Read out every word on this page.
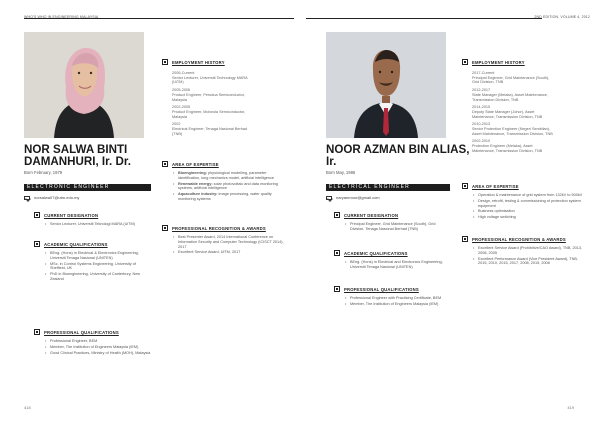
WHO'S WHO IN ENGINEERING MALAYSIA
NOR SALWA BINTI
DAMANHURI, Ir. Dr.
Born February, 1979
ELECTRONIC ENGINEER
norsalwa07@utm.edu.my
CURRENT DESIGNATION
• Senior Lecturer, Universiti Teknologi MARA (UiTM)
ACADEMIC QUALIFICATIONS
• BEng. (Hons) in Electrical & Electronics Engineering, Universiti Tenaga Nasional (UNITEN)
• MSc. in Control Systems Engineering, University of Sheffield, UK
• PhD in Bioengineering, University of Canterbury, New Zealand
PROFESSIONAL QUALIFICATIONS
• Professional Engineer, BEM
• Member, The Institution of Engineers Malaysia (IEM)
• Good Clinical Practices, Ministry of Health (MOH), Malaysia
EMPLOYMENT HISTORY
2006-Current
Senior Lecturer, Universiti Technology MARA
(UiTM)
2005-2006
Product Engineer, Perodua Semiconductor,
Malaysia
2002-2005
Product Engineer, Motorola Semiconductor,
Malaysia
2002
Electrical Engineer, Tenaga Nasional Berhad
(TNB)
AREA OF EXPERTISE
• Bioengineering: physiological modelling, parameter identification, lung mechanics model, artificial intelligence
• Renewable energy: solar photovoltaic and data monitoring systems, artificial intelligence
• Aquaculture industry: image processing, water quality monitoring systems
PROFESSIONAL RECOGNITION & AWARDS
• Best Presenter Award, 2014 International Conference on Information Security and Computer Technology (ICISCT 2014), 2017
• Excellent Service Award, UiTM, 2017
418
2ND EDITION, VOLUME 4, 2012
NOOR AZMAN BIN ALIAS,
Ir.
Born May, 1986
ELECTRICAL ENGINEER
naryanmoor@gmail.com
CURRENT DESIGNATION
• Principal Engineer, Grid Maintenance (South), Grid Division, Tenaga Nasional Berhad (TNB)
ACADEMIC QUALIFICATIONS
• BEng. (Hons) in Electrical and Electronics Engineering, Universiti Tenaga Nasional (UNITEN)
PROFESSIONAL QUALIFICATIONS
• Professional Engineer with Practising Certificate, BEM
• Member, The Institution of Engineers Malaysia (IEM)
EMPLOYMENT HISTORY
2017-Current
Principal Engineer, Grid Maintenance (South),
Grid Division, TNB
2012-2017
State Manager (Melaka), Asset Maintenance,
Transmission Division, TNB
2014-2015
Deputy State Manager (Johor), Asset
Maintenance, Transmission Division, TNB
2010-2013
Senior Protection Engineer (Negeri Sembilan),
Asset Maintenance, Transmission Division, TNB
2002-2010
Protection Engineer (Melaka), Asset
Maintenance, Transmission Division, TNB
AREA OF EXPERTISE
• Operation & maintenance of grid system from 132kV to 500kV
• Design, retrofit, testing & commissioning of protection system equipment
• Business optimisation
• High voltage switching
PROFESSIONAL RECOGNITION & AWARDS
• Excellent Service Award (Prohibitive/CAO Award), TNB, 2013, 2008, 2005
• Excellent Performance Award (Vice President Award), TNB, 2015, 2010, 2015, 2017, 2008, 2015, 2008
419
